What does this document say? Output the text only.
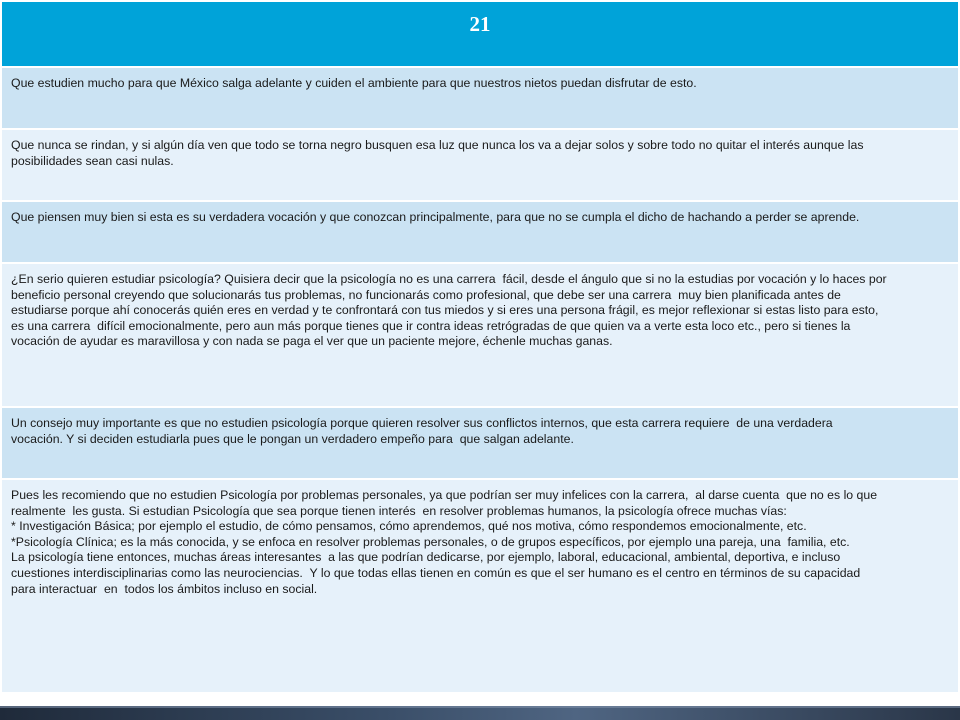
21

Que estudien mucho para que México salga adelante y cuiden el ambiente para que nuestros nietos puedan disfrutar de esto.

Que nunca se rindan, y si algún día ven que todo se torna negro busquen esa luz que nunca los va a dejar solos y sobre todo no quitar el interés aunque las
posibilidades sean casi nulas.

Que piensen muy bien si esta es su verdadera vocación y que conozcan principalmente, para que no se cumpla el dicho de hachando a perder se aprende.

¿En serio quieren estudiar psicología? Quisiera decir que la psicología no es una carrera  fácil, desde el ángulo que si no la estudias por vocación y lo haces por
beneficio personal creyendo que solucionarás tus problemas, no funcionarás como profesional, que debe ser una carrera  muy bien planificada antes de
estudiarse porque ahí conocerás quién eres en verdad y te confrontará con tus miedos y si eres una persona frágil, es mejor reflexionar si estas listo para esto,
es una carrera  difícil emocionalmente, pero aun más porque tienes que ir contra ideas retrógradas de que quien va a verte esta loco etc., pero si tienes la
vocación de ayudar es maravillosa y con nada se paga el ver que un paciente mejore, échenle muchas ganas.

Un consejo muy importante es que no estudien psicología porque quieren resolver sus conflictos internos, que esta carrera requiere  de una verdadera
vocación. Y si deciden estudiarla pues que le pongan un verdadero empeño para  que salgan adelante.

Pues les recomiendo que no estudien Psicología por problemas personales, ya que podrían ser muy infelices con la carrera,  al darse cuenta  que no es lo que
realmente  les gusta. Si estudian Psicología que sea porque tienen interés  en resolver problemas humanos, la psicología ofrece muchas vías:
* Investigación Básica; por ejemplo el estudio, de cómo pensamos, cómo aprendemos, qué nos motiva, cómo respondemos emocionalmente, etc.
*Psicología Clínica; es la más conocida, y se enfoca en resolver problemas personales, o de grupos específicos, por ejemplo una pareja, una  familia, etc.
La psicología tiene entonces, muchas áreas interesantes  a las que podrían dedicarse, por ejemplo, laboral, educacional, ambiental, deportiva, e incluso
cuestiones interdisciplinarias como las neurociencias.  Y lo que todas ellas tienen en común es que el ser humano es el centro en términos de su capacidad
para interactuar  en  todos los ámbitos incluso en social.
